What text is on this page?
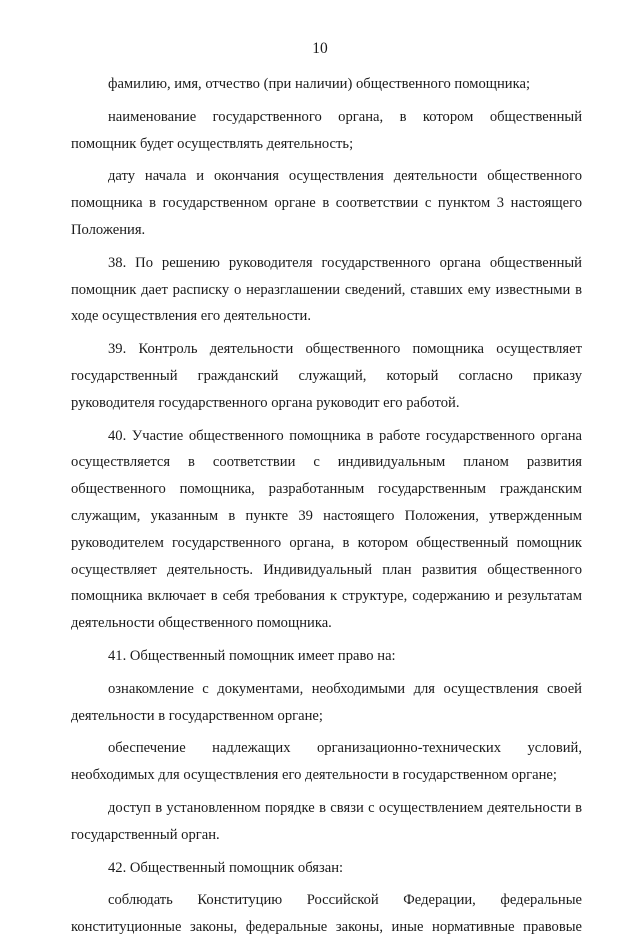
10

фамилию, имя, отчество (при наличии) общественного помощника;

наименование государственного органа, в котором общественный помощник будет осуществлять деятельность;

дату начала и окончания осуществления деятельности общественного помощника в государственном органе в соответствии с пунктом 3 настоящего Положения.

38. По решению руководителя государственного органа общественный помощник дает расписку о неразглашении сведений, ставших ему известными в ходе осуществления его деятельности.

39. Контроль деятельности общественного помощника осуществляет государственный гражданский служащий, который согласно приказу руководителя государственного органа руководит его работой.

40. Участие общественного помощника в работе государственного органа осуществляется в соответствии с индивидуальным планом развития общественного помощника, разработанным государственным гражданским служащим, указанным в пункте 39 настоящего Положения, утвержденным руководителем государственного органа, в котором общественный помощник осуществляет деятельность. Индивидуальный план развития общественного помощника включает в себя требования к структуре, содержанию и результатам деятельности общественного помощника.

41. Общественный помощник имеет право на:

ознакомление с документами, необходимыми для осуществления своей деятельности в государственном органе;

обеспечение надлежащих организационно-технических условий, необходимых для осуществления его деятельности в государственном органе;

доступ в установленном порядке в связи с осуществлением деятельности в государственный орган.

42. Общественный помощник обязан:

соблюдать Конституцию Российской Федерации, федеральные конституционные законы, федеральные законы, иные нормативные правовые
